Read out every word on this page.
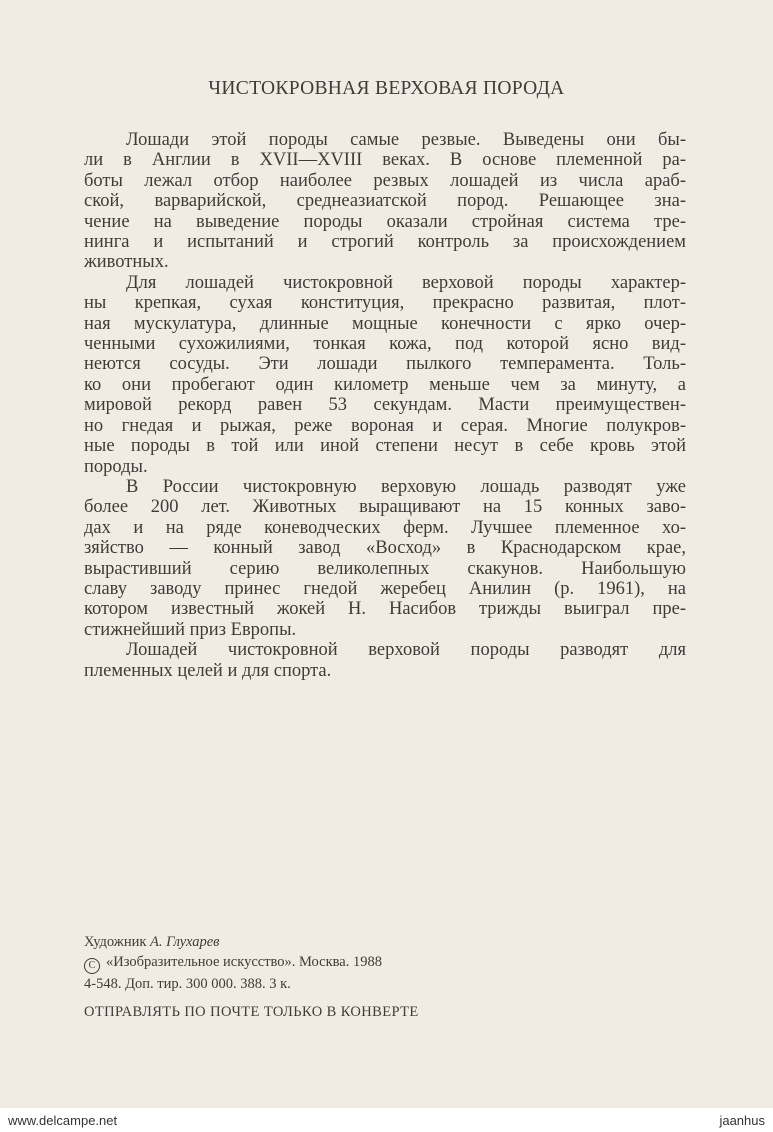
ЧИСТОКРОВНАЯ ВЕРХОВАЯ ПОРОДА
Лошади этой породы самые резвые. Выведены они бы-
ли в Англии в XVII—XVIII веках. В основе племенной ра-
боты лежал отбор наиболее резвых лошадей из числа араб-
ской, варварийской, среднеазиатской пород. Решающее зна-
чение на выведение породы оказали стройная система тре-
нинга и испытаний и строгий контроль за происхождением
животных.
Для лошадей чистокровной верховой породы характер-
ны крепкая, сухая конституция, прекрасно развитая, плот-
ная мускулатура, длинные мощные конечности с ярко очер-
ченными сухожилиями, тонкая кожа, под которой ясно вид-
неются сосуды. Эти лошади пылкого темперамента. Толь-
ко они пробегают один километр меньше чем за минуту, а
мировой рекорд равен 53 секундам. Масти преимуществен-
но гнедая и рыжая, реже вороная и серая. Многие полукров-
ные породы в той или иной степени несут в себе кровь этой
породы.
В России чистокровную верховую лошадь разводят уже
более 200 лет. Животных выращивают на 15 конных заво-
дах и на ряде коневодческих ферм. Лучшее племенное хо-
зяйство — конный завод «Восход» в Краснодарском крае,
вырастивший серию великолепных скакунов. Наибольшую
славу заводу принес гнедой жеребец Анилин (р. 1961), на
котором известный жокей Н. Насибов трижды выиграл пре-
стижнейший приз Европы.
Лошадей чистокровной верховой породы разводят для
племенных целей и для спорта.
Художник А. Глухарев
C «Изобразительное искусство». Москва. 1988
4-548. Доп. тир. 300 000. 388. 3 к.
ОТПРАВЛЯТЬ ПО ПОЧТЕ ТОЛЬКО В КОНВЕРТЕ
www.delcampe.net	jaanhus
